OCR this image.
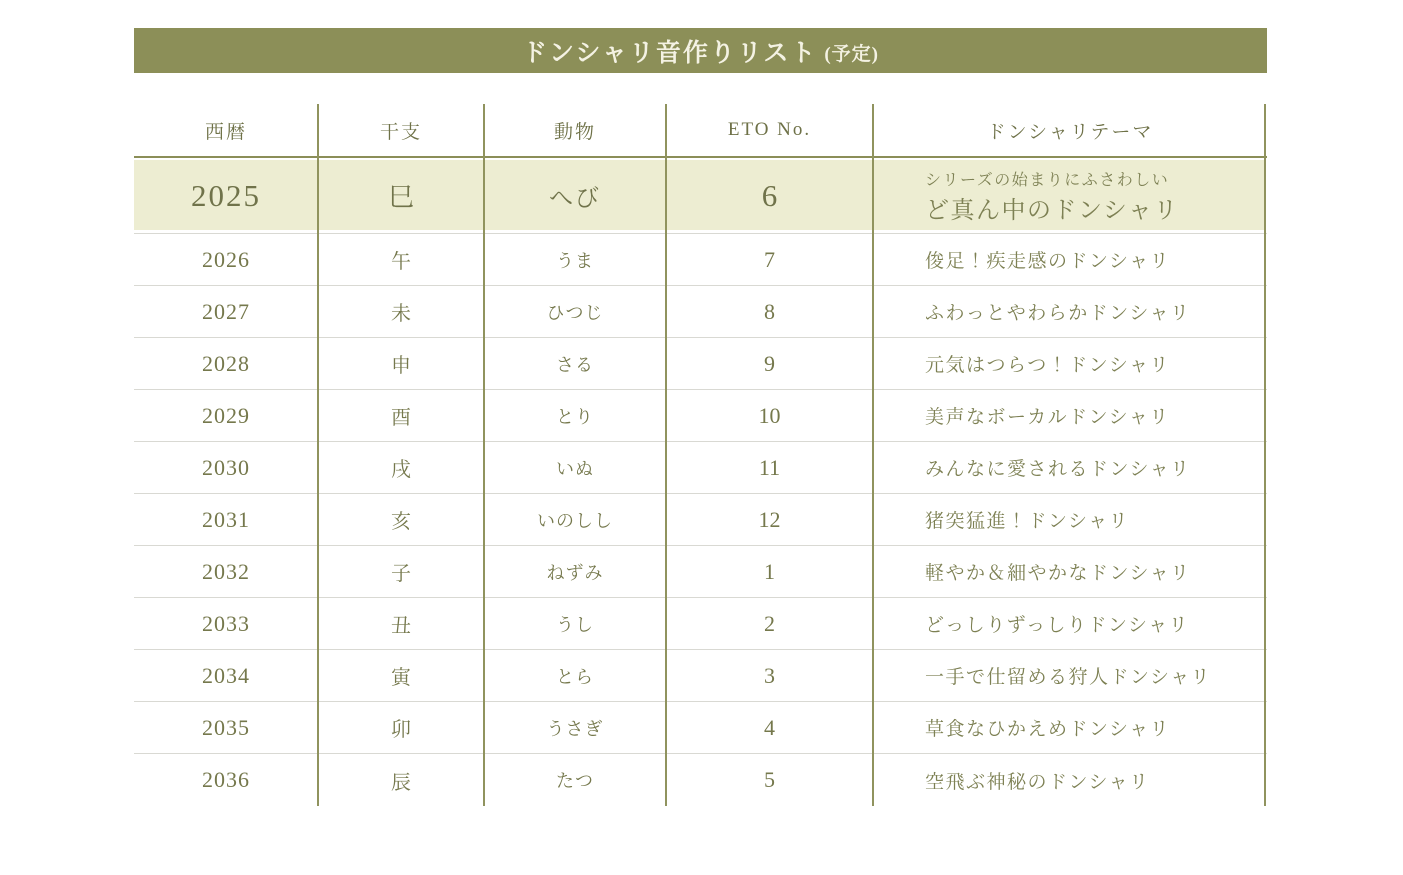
ドンシャリ音作りリスト (予定)
西暦	干支	動物	ETO No.	ドンシャリテーマ
2025	巳	へび	6	シリーズの始まりにふさわしい
ど真ん中のドンシャリ
2026	午	うま	7	俊足！疾走感のドンシャリ
2027	未	ひつじ	8	ふわっとやわらかドンシャリ
2028	申	さる	9	元気はつらつ！ドンシャリ
2029	酉	とり	10	美声なボーカルドンシャリ
2030	戌	いぬ	11	みんなに愛されるドンシャリ
2031	亥	いのしし	12	猪突猛進！ドンシャリ
2032	子	ねずみ	1	軽やか＆細やかなドンシャリ
2033	丑	うし	2	どっしりずっしりドンシャリ
2034	寅	とら	3	一手で仕留める狩人ドンシャリ
2035	卯	うさぎ	4	草食なひかえめドンシャリ
2036	辰	たつ	5	空飛ぶ神秘のドンシャリ
